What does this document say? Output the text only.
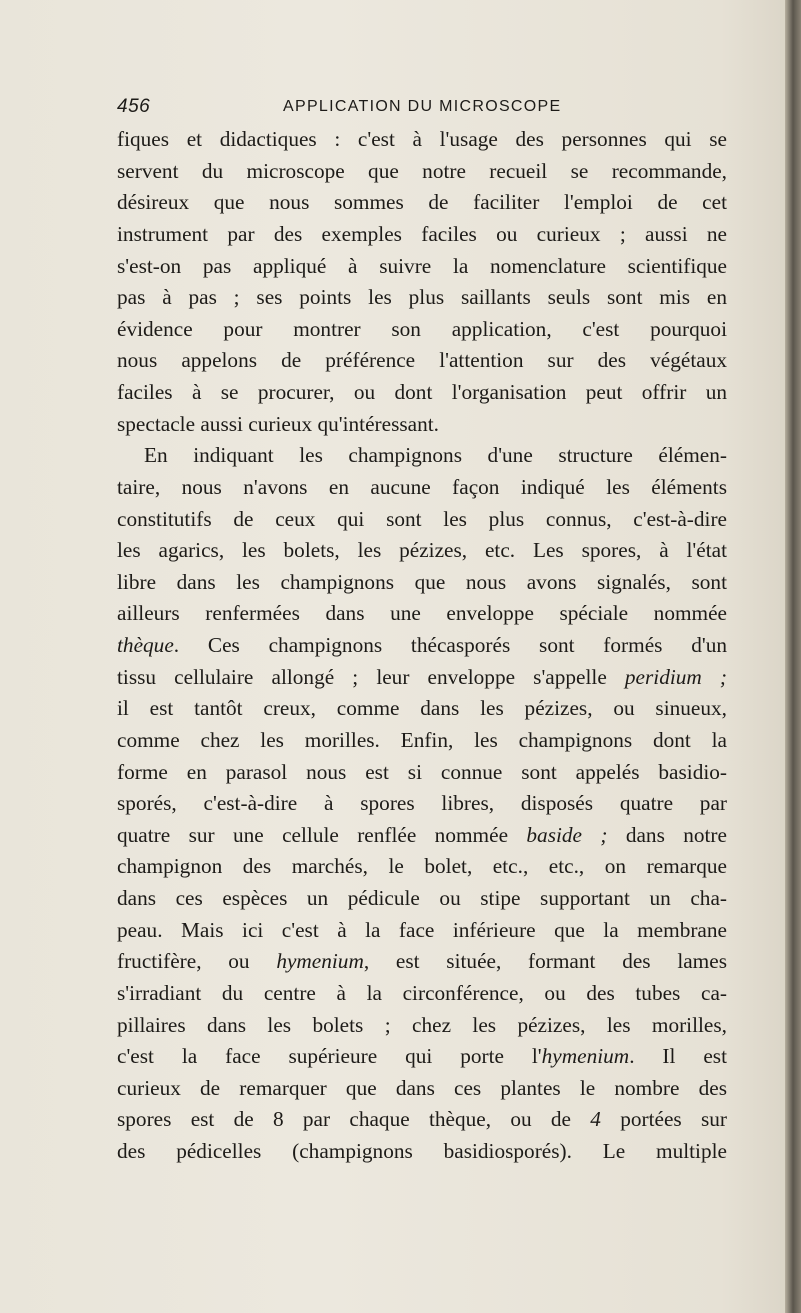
456	APPLICATION DU MICROSCOPE
fiques et didactiques : c'est à l'usage des personnes qui se
servent du microscope que notre recueil se recommande,
désireux que nous sommes de faciliter l'emploi de cet
instrument par des exemples faciles ou curieux ; aussi ne
s'est-on pas appliqué à suivre la nomenclature scientifique
pas à pas ; ses points les plus saillants seuls sont mis en
évidence pour montrer son application, c'est pourquoi
nous appelons de préférence l'attention sur des végétaux
faciles à se procurer, ou dont l'organisation peut offrir un
spectacle aussi curieux qu'intéressant.
En indiquant les champignons d'une structure élémen-
taire, nous n'avons en aucune façon indiqué les éléments
constitutifs de ceux qui sont les plus connus, c'est-à-dire
les agarics, les bolets, les pézizes, etc. Les spores, à l'état
libre dans les champignons que nous avons signalés, sont
ailleurs renfermées dans une enveloppe spéciale nommée
thèque. Ces champignons thécasporés sont formés d'un
tissu cellulaire allongé ; leur enveloppe s'appelle peridium ;
il est tantôt creux, comme dans les pézizes, ou sinueux,
comme chez les morilles. Enfin, les champignons dont la
forme en parasol nous est si connue sont appelés basidio-
sporés, c'est-à-dire à spores libres, disposés quatre par
quatre sur une cellule renflée nommée baside ; dans notre
champignon des marchés, le bolet, etc., etc., on remarque
dans ces espèces un pédicule ou stipe supportant un cha-
peau. Mais ici c'est à la face inférieure que la membrane
fructifère, ou hymenium, est située, formant des lames
s'irradiant du centre à la circonférence, ou des tubes ca-
pillaires dans les bolets ; chez les pézizes, les morilles,
c'est la face supérieure qui porte l'hymenium. Il est
curieux de remarquer que dans ces plantes le nombre des
spores est de 8 par chaque thèque, ou de 4 portées sur
des pédicelles (champignons basidiosporés). Le multiple
